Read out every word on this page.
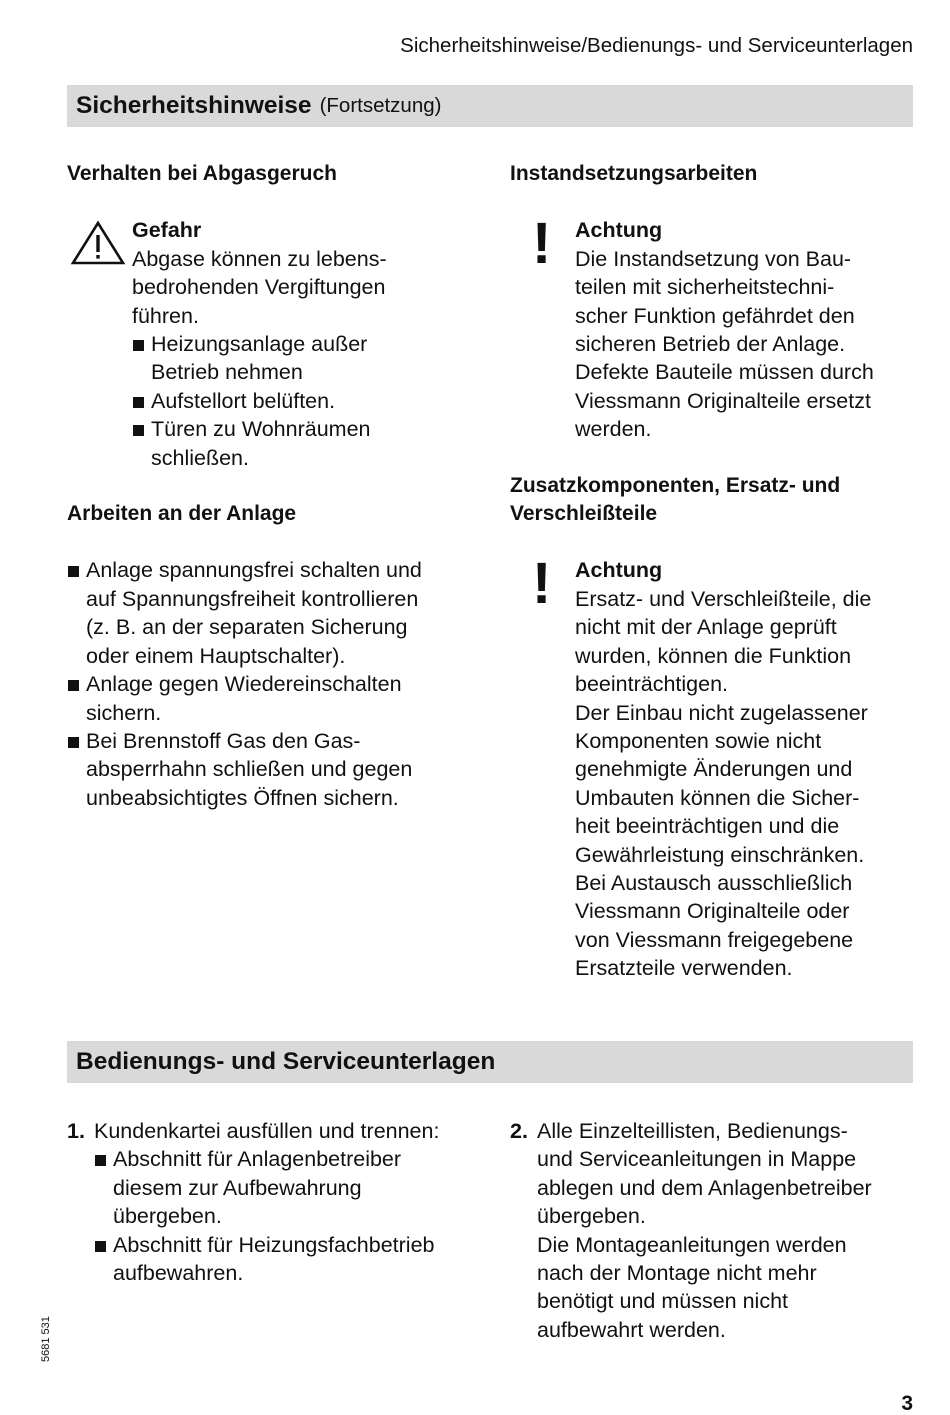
Sicherheitshinweise/Bedienungs- und Serviceunterlagen
Sicherheitshinweise (Fortsetzung)
Verhalten bei Abgasgeruch
Gefahr
Abgase können zu lebens-
bedrohenden Vergiftungen
führen.
Heizungsanlage außer
Betrieb nehmen
Aufstellort belüften.
Türen zu Wohnräumen
schließen.
Arbeiten an der Anlage
Anlage spannungsfrei schalten und
auf Spannungsfreiheit kontrollieren
(z. B. an der separaten Sicherung
oder einem Hauptschalter).
Anlage gegen Wiedereinschalten
sichern.
Bei Brennstoff Gas den Gas-
absperrhahn schließen und gegen
unbeabsichtigtes Öffnen sichern.
Instandsetzungsarbeiten
! Achtung
Die Instandsetzung von Bau-
teilen mit sicherheitstechni-
scher Funktion gefährdet den
sicheren Betrieb der Anlage.
Defekte Bauteile müssen durch
Viessmann Originalteile ersetzt
werden.
Zusatzkomponenten, Ersatz- und
Verschleißteile
! Achtung
Ersatz- und Verschleißteile, die
nicht mit der Anlage geprüft
wurden, können die Funktion
beeinträchtigen.
Der Einbau nicht zugelassener
Komponenten sowie nicht
genehmigte Änderungen und
Umbauten können die Sicher-
heit beeinträchtigen und die
Gewährleistung einschränken.
Bei Austausch ausschließlich
Viessmann Originalteile oder
von Viessmann freigegebene
Ersatzteile verwenden.
Bedienungs- und Serviceunterlagen
1. Kundenkartei ausfüllen und trennen:
Abschnitt für Anlagenbetreiber
diesem zur Aufbewahrung
übergeben.
Abschnitt für Heizungsfachbetrieb
aufbewahren.
2. Alle Einzelteillisten, Bedienungs-
und Serviceanleitungen in Mappe
ablegen und dem Anlagenbetreiber
übergeben.
Die Montageanleitungen werden
nach der Montage nicht mehr
benötigt und müssen nicht
aufbewahrt werden.
5681 531
3
